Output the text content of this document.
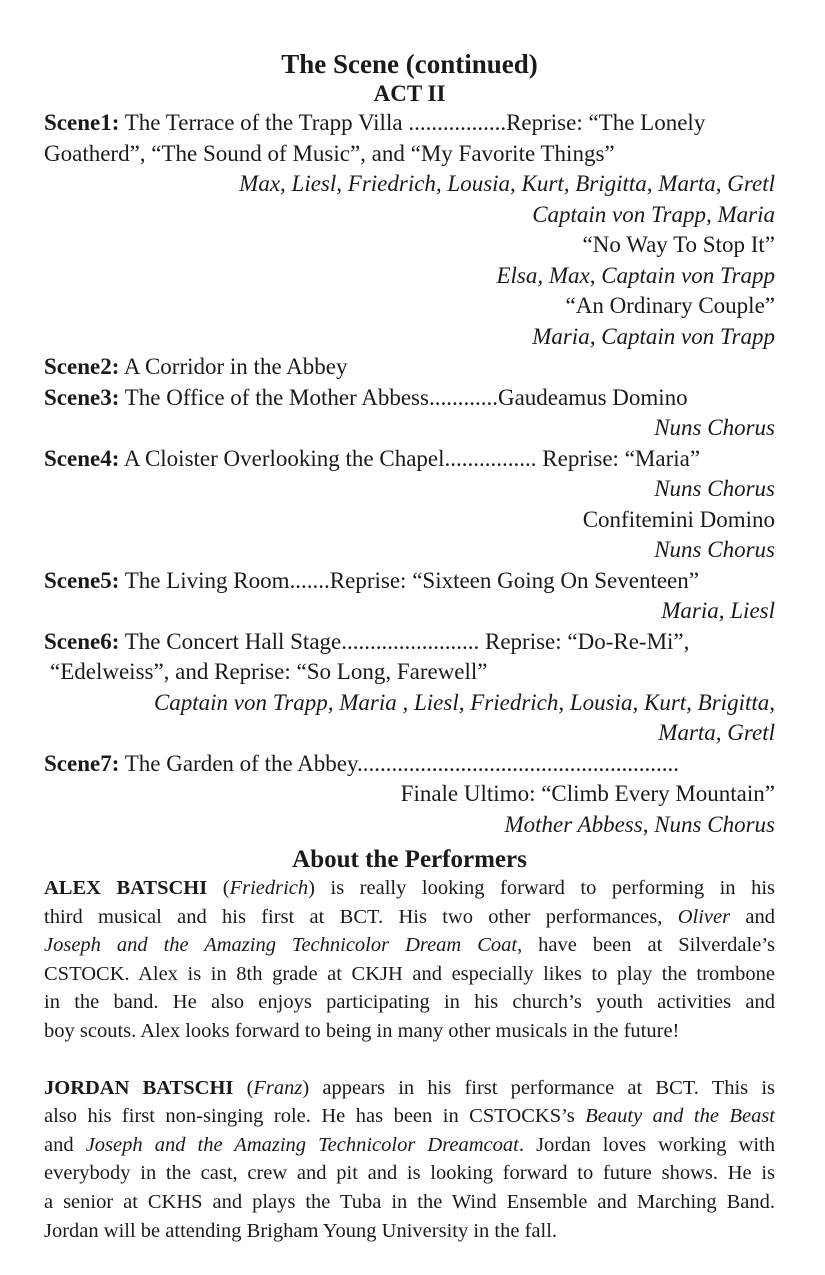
The Scene (continued)
ACT II
Scene1: The Terrace of the Trapp Villa .................Reprise: “The Lonely
Goatherd”, “The Sound of Music”, and “My Favorite Things”
Max, Liesl, Friedrich, Lousia, Kurt, Brigitta, Marta, Gretl
Captain von Trapp, Maria
“No Way To Stop It”
Elsa, Max, Captain von Trapp
“An Ordinary Couple”
Maria, Captain von Trapp
Scene2: A Corridor in the Abbey
Scene3: The Office of the Mother Abbess............Gaudeamus Domino
Nuns Chorus
Scene4: A Cloister Overlooking the Chapel................ Reprise: “Maria”
Nuns Chorus
Confitemini Domino
Nuns Chorus
Scene5: The Living Room.......Reprise: “Sixteen Going On Seventeen”
Maria, Liesl
Scene6: The Concert Hall Stage........................ Reprise: “Do-Re-Mi”,
“Edelweiss”, and Reprise: “So Long, Farewell”
Captain von Trapp, Maria , Liesl, Friedrich, Lousia, Kurt, Brigitta,
Marta, Gretl
Scene7: The Garden of the Abbey........................................................
Finale Ultimo: “Climb Every Mountain”
Mother Abbess, Nuns Chorus
About the Performers
ALEX BATSCHI (Friedrich) is really looking forward to performing in his
third musical and his first at BCT. His two other performances, Oliver and
Joseph and the Amazing Technicolor Dream Coat, have been at Silverdale’s
CSTOCK. Alex is in 8th grade at CKJH and especially likes to play the trombone
in the band. He also enjoys participating in his church’s youth activities and
boy scouts. Alex looks forward to being in many other musicals in the future!
JORDAN BATSCHI (Franz) appears in his first performance at BCT. This is
also his first non-singing role. He has been in CSTOCKS’s Beauty and the Beast
and Joseph and the Amazing Technicolor Dreamcoat. Jordan loves working with
everybody in the cast, crew and pit and is looking forward to future shows. He is
a senior at CKHS and plays the Tuba in the Wind Ensemble and Marching Band.
Jordan will be attending Brigham Young University in the fall.
